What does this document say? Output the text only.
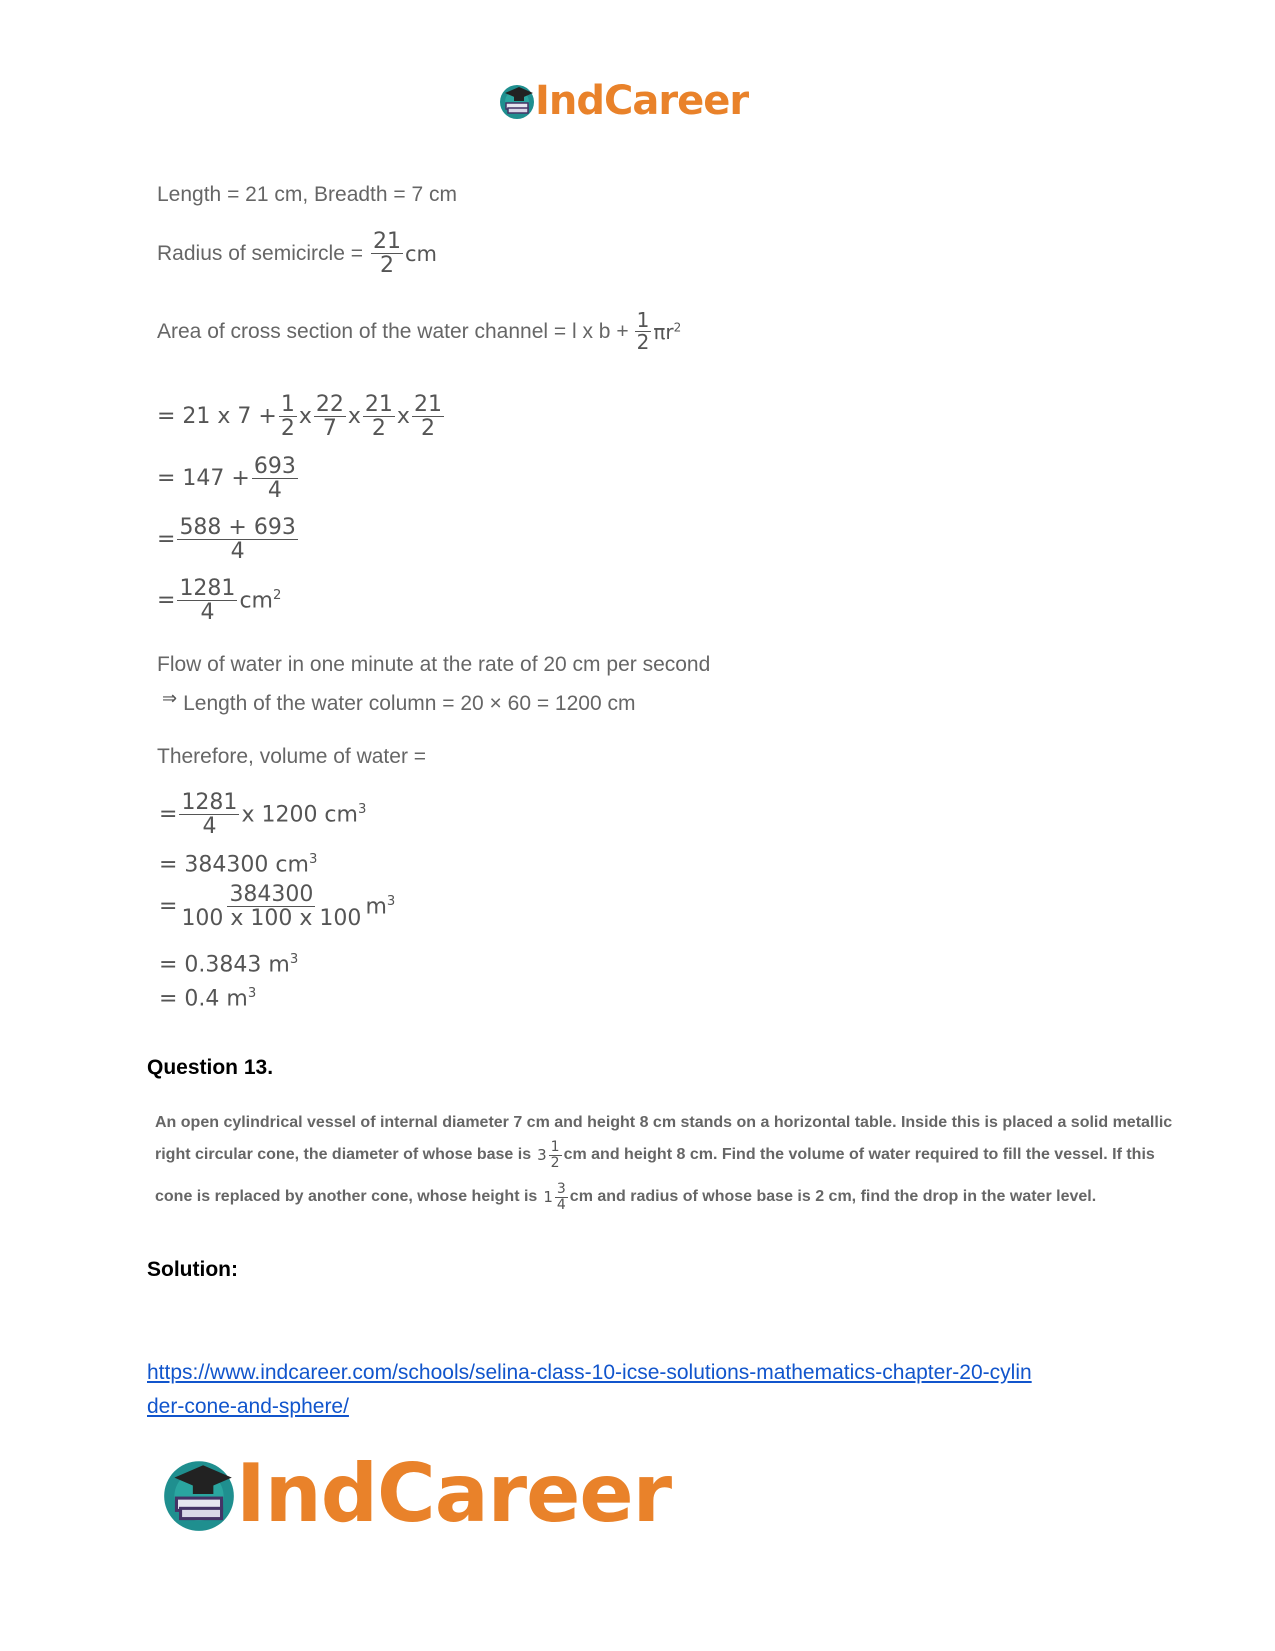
IndCareer
Length = 21 cm, Breadth = 7 cm
Radius of semicircle = $\frac{21}{2}$ cm
Area of cross section of the water channel = l x $b + \frac{1}{2} \pi r^2$
= 21 x $7 + \frac{1}{2}$ x $\frac{22}{7}$ x $\frac{21}{2}$ x $\frac{21}{2}$
= $147 + \frac{693}{4}$
= $\frac{588 + 693}{4}$
= $\frac{1281}{4} cm^2$
Flow of water in one minute at the rate of 20 cm per second
⇒ Length of the water column = 20 × 60 = 1200 cm
Therefore, volume of water =
= $\frac{1281}{4}$ x 1200 $cm^3$
= 384300 $cm^3$
= $\frac{384300}{100 x 100 x 100} m^3$
= 0.3843 $m^3$
= 0.4 $m^3$
Question 13.
An open cylindrical vessel of internal diameter 7 cm and height 8 cm stands on a horizontal table. Inside this is placed a solid metallic
right circular cone, the diameter of whose base is $3 \frac{1}{2}$ cm and height 8 cm. Find the volume of water required to fill the vessel. If this
cone is replaced by another cone, whose height is $1 \frac{3}{4}$ cm and radius of whose base is 2 cm, find the drop in the water level.
Solution:
https://www.indcareer.com/schools/selina-class-10-icse-solutions-mathematics-chapter-20-cylin
der-cone-and-sphere/
IndCareer
